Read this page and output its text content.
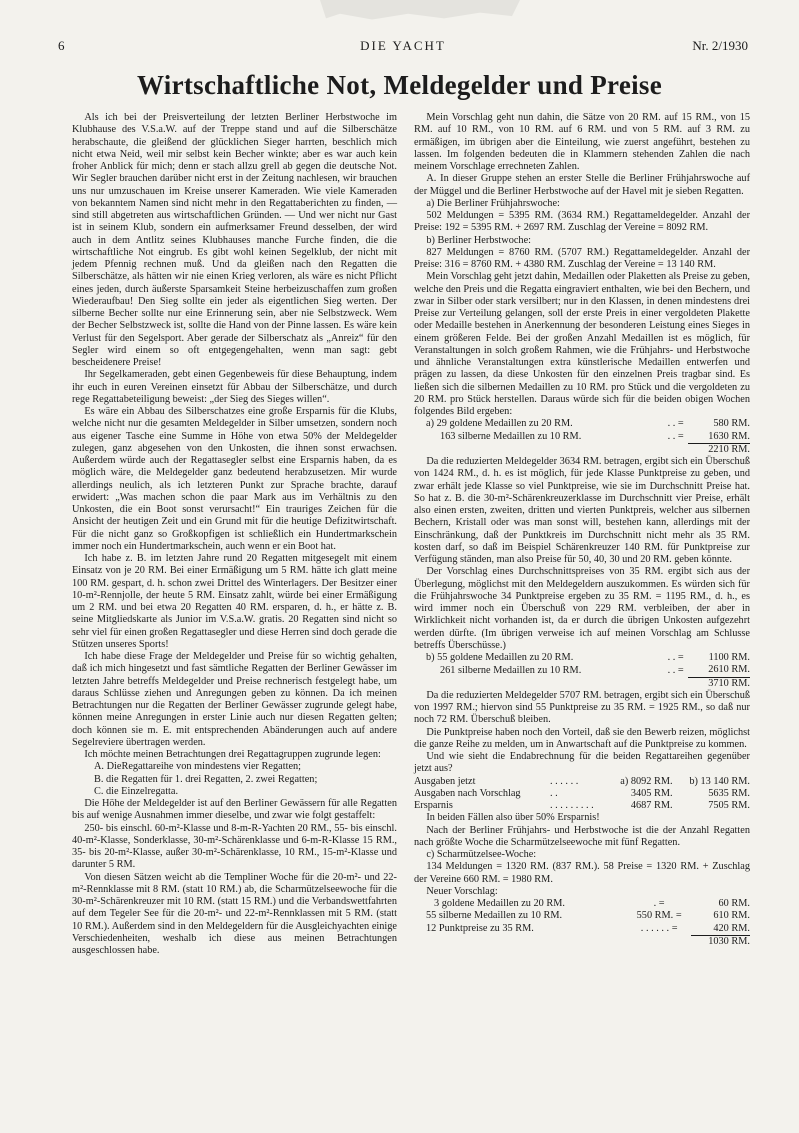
6	DIE YACHT	Nr. 2/1930
Wirtschaftliche Not, Meldegelder und Preise

Als ich bei der Preisverteilung der letzten Berliner Herbstwoche im Klubhause des V.S.a.W. auf der Treppe stand und auf die Silberschätze herabschaute, die gleißend der glücklichen Sieger harrten, beschlich mich nicht etwa Neid, weil mir selbst kein Becher winkte; aber es war auch kein froher Anblick für mich; denn er stach allzu grell ab gegen die deutsche Not. Wir Segler brauchen darüber nicht erst in der Zeitung nachlesen, wir brauchen uns nur umzuschauen im Kreise unserer Kameraden. Wie viele Kameraden von bekanntem Namen sind nicht mehr in den Regattaberichten zu finden, — sind still abgetreten aus wirtschaftlichen Gründen. — Und wer nicht nur Gast ist in seinem Klub, sondern ein aufmerksamer Freund desselben, der wird auch in dem Antlitz seines Klubhauses manche Furche finden, die die wirtschaftliche Not eingrub. Es gibt wohl keinen Segelklub, der nicht mit jedem Pfennig rechnen muß. Und da gleißen nach den Regatten die Silberschätze, als hätten wir nie einen Krieg verloren, als wäre es nicht Pflicht eines jeden, durch äußerste Sparsamkeit Steine herbeizuschaffen zum großen Wiederaufbau! Den Sieg sollte ein jeder als eigentlichen Sieg werten. Der silberne Becher sollte nur eine Erinnerung sein, aber nie Selbstzweck. Wem der Becher Selbstzweck ist, sollte die Hand von der Pinne lassen. Es wäre kein Verlust für den Segelsport. Aber gerade der Silberschatz als „Anreiz“ für den Segler wird einem so oft entgegengehalten, wenn man sagt: gebt bescheidenere Preise!

Ihr Segelkameraden, gebt einen Gegenbeweis für diese Behauptung, indem ihr euch in euren Vereinen einsetzt für Abbau der Silberschätze, und durch rege Regattabeteiligung beweist: „der Sieg des Sieges willen“.

Es wäre ein Abbau des Silberschatzes eine große Ersparnis für die Klubs, welche nicht nur die gesamten Meldegelder in Silber umsetzen, sondern noch aus eigener Tasche eine Summe in Höhe von etwa 50% der Meldegelder zulegen, ganz abgesehen von den Unkosten, die ihnen sonst erwachsen. Außerdem würde auch der Regattasegler selbst eine Ersparnis haben, da es möglich wäre, die Meldegelder ganz bedeutend herabzusetzen. Mir wurde allerdings neulich, als ich letzteren Punkt zur Sprache brachte, darauf erwidert: „Was machen schon die paar Mark aus im Verhältnis zu den Unkosten, die ein Boot sonst verursacht!“ Ein trauriges Zeichen für die Ansicht der heutigen Zeit und ein Grund mit für die heutige Defizitwirtschaft. Für die nicht ganz so Großkopfigen ist schließlich ein Hundertmarkschein immer noch ein Hundertmarkschein, auch wenn er ein Boot hat.

Ich habe z. B. im letzten Jahre rund 20 Regatten mitgesegelt mit einem Einsatz von je 20 RM. Bei einer Ermäßigung um 5 RM. hätte ich glatt meine 100 RM. gespart, d. h. schon zwei Drittel des Winterlagers. Der Besitzer einer 10-m²-Rennjolle, der heute 5 RM. Einsatz zahlt, würde bei einer Ermäßigung um 2 RM. und bei etwa 20 Regatten 40 RM. ersparen, d. h., er hätte z. B. seine Mitgliedskarte als Junior im V.S.a.W. gratis. 20 Regatten sind nicht so sehr viel für einen großen Regattasegler und diese Herren sind doch gerade die Stützen unseres Sports!

Ich habe diese Frage der Meldegelder und Preise für so wichtig gehalten, daß ich mich hingesetzt und fast sämtliche Regatten der Berliner Gewässer im letzten Jahre betreffs Meldegelder und Preise rechnerisch festgelegt habe, um daraus Schlüsse ziehen und Anregungen geben zu können. Da ich meinen Betrachtungen nur die Regatten der Berliner Gewässer zugrunde gelegt habe, können meine Anregungen in erster Linie auch nur diesen Regatten gelten; doch können sie m. E. mit entsprechenden Abänderungen auch auf andere Segelreviere übertragen werden.

Ich möchte meinen Betrachtungen drei Regattagruppen zugrunde legen:

A. DieRegattareihe von mindestens vier Regatten;

B. die Regatten für 1. drei Regatten, 2. zwei Regatten;

C. die Einzelregatta.

Die Höhe der Meldegelder ist auf den Berliner Gewässern für alle Regatten bis auf wenige Ausnahmen immer dieselbe, und zwar wie folgt gestaffelt:

250- bis einschl. 60-m²-Klasse und 8-m-R-Yachten 20 RM., 55- bis einschl. 40-m²-Klasse, Sonderklasse, 30-m²-Schärenklasse und 6-m-R-Klasse 15 RM., 35- bis 20-m²-Klasse, außer 30-m²-Schärenklasse, 10 RM., 15-m²-Klasse und darunter 5 RM.

Von diesen Sätzen weicht ab die Templiner Woche für die 20-m²- und 22-m²-Rennklasse mit 8 RM. (statt 10 RM.) ab, die Scharmützelseewoche für die 30-m²-Schärenkreuzer mit 10 RM. (statt 15 RM.) und die Verbandswettfahrten auf dem Tegeler See für die 20-m²- und 22-m²-Rennklassen mit 5 RM. (statt 10 RM.). Außerdem sind in den Meldegeldern für die Ausgleichyachten einige Verschiedenheiten, weshalb ich diese aus meinen Betrachtungen ausgeschlossen habe.

Mein Vorschlag geht nun dahin, die Sätze von 20 RM. auf 15 RM., von 15 RM. auf 10 RM., von 10 RM. auf 6 RM. und von 5 RM. auf 3 RM. zu ermäßigen, im übrigen aber die Einteilung, wie zuerst angeführt, bestehen zu lassen. Im folgenden bedeuten die in Klammern stehenden Zahlen die nach meinem Vorschlage errechneten Zahlen.

A. In dieser Gruppe stehen an erster Stelle die Berliner Frühjahrswoche auf der Müggel und die Berliner Herbstwoche auf der Havel mit je sieben Regatten.

a) Die Berliner Frühjahrswoche:

502 Meldungen = 5395 RM. (3634 RM.) Regattameldegelder. Anzahl der Preise: 192 = 5395 RM. + 2697 RM. Zuschlag der Vereine = 8092 RM.

b) Berliner Herbstwoche:

827 Meldungen = 8760 RM. (5707 RM.) Regattameldegelder. Anzahl der Preise: 316 = 8760 RM. + 4380 RM. Zuschlag der Vereine = 13 140 RM.

Mein Vorschlag geht jetzt dahin, Medaillen oder Plaketten als Preise zu geben, welche den Preis und die Regatta eingraviert enthalten, wie bei den Bechern, und zwar in Silber oder stark versilbert; nur in den Klassen, in denen mindestens drei Preise zur Verteilung gelangen, soll der erste Preis in einer vergoldeten Plakette oder Medaille bestehen in Anerkennung der besonderen Leistung eines Sieges in einem größeren Felde. Bei der großen Anzahl Medaillen ist es möglich, für Veranstaltungen in solch großem Rahmen, wie die Frühjahrs- und Herbstwoche und ähnliche Veranstaltungen extra künstlerische Medaillen entwerfen und prägen zu lassen, da diese Unkosten für den einzelnen Preis tragbar sind. Es ließen sich die silbernen Medaillen zu 10 RM. pro Stück und die vergoldeten zu 20 RM. pro Stück herstellen. Daraus würde sich für die beiden obigen Wochen folgendes Bild ergeben:

a) 29 goldene Medaillen zu 20 RM.	. . =	580 RM.
163 silberne Medaillen zu 10 RM.	. . =	1630 RM.
		2210 RM.

Da die reduzierten Meldegelder 3634 RM. betragen, ergibt sich ein Überschuß von 1424 RM., d. h. es ist möglich, für jede Klasse Punktpreise zu geben, und zwar erhält jede Klasse so viel Punktpreise, wie sie im Durchschnitt Preise hat. So hat z. B. die 30-m²-Schärenkreuzerklasse im Durchschnitt vier Preise, erhält also einen ersten, zweiten, dritten und vierten Punktpreis, welcher aus silbernen Bechern, Kristall oder was man sonst will, bestehen kann, allerdings mit der Einschränkung, daß der Punktkreis im Durchschnitt nicht mehr als 35 RM. kosten darf, so daß im Beispiel Schärenkreuzer 140 RM. für Punktpreise zur Verfügung ständen, man also Preise für 50, 40, 30 und 20 RM. geben könnte.

Der Vorschlag eines Durchschnittspreises von 35 RM. ergibt sich aus der Überlegung, möglichst mit den Meldegeldern auszukommen. Es würden sich für die Frühjahrswoche 34 Punktpreise ergeben zu 35 RM. = 1195 RM., d. h., es wird immer noch ein Überschuß von 229 RM. verbleiben, der aber in Wirklichkeit nicht vorhanden ist, da er durch die übrigen Unkosten aufgezehrt werden dürfte. (Im übrigen verweise ich auf meinen Vorschlag am Schlusse betreffs Überschüsse.)

b) 55 goldene Medaillen zu 20 RM.	. . =	1100 RM.
261 silberne Medaillen zu 10 RM.	. . =	2610 RM.
		3710 RM.

Da die reduzierten Meldegelder 5707 RM. betragen, ergibt sich ein Überschuß von 1997 RM.; hiervon sind 55 Punktpreise zu 35 RM. = 1925 RM., so daß nur noch 72 RM. Überschuß bleiben.

Die Punktpreise haben noch den Vorteil, daß sie den Bewerb reizen, möglichst die ganze Reihe zu melden, um in Anwartschaft auf die Punktpreise zu kommen.

Und wie sieht die Endabrechnung für die beiden Regattareihen gegenüber jetzt aus?

Ausgaben jetzt	. . . . . .	a) 8092 RM.	b) 13 140 RM.
Ausgaben nach Vorschlag	. .	3405 RM.	5635 RM.
Ersparnis	. . . . . . . . .	4687 RM.	7505 RM.

In beiden Fällen also über 50% Ersparnis!

Nach der Berliner Frühjahrs- und Herbstwoche ist die der Anzahl Regatten nach größte Woche die Scharmützelseewoche mit fünf Regatten.

c) Scharmützelsee-Woche:

134 Meldungen = 1320 RM. (837 RM.). 58 Preise = 1320 RM. + Zuschlag der Vereine 660 RM. = 1980 RM.

Neuer Vorschlag:

3 goldene Medaillen zu 20 RM.	. =	60 RM.
55 silberne Medaillen zu 10 RM.	550 RM. =	610 RM.
12 Punktpreise zu 35 RM.	. . . . . . =	420 RM.
		1030 RM.
